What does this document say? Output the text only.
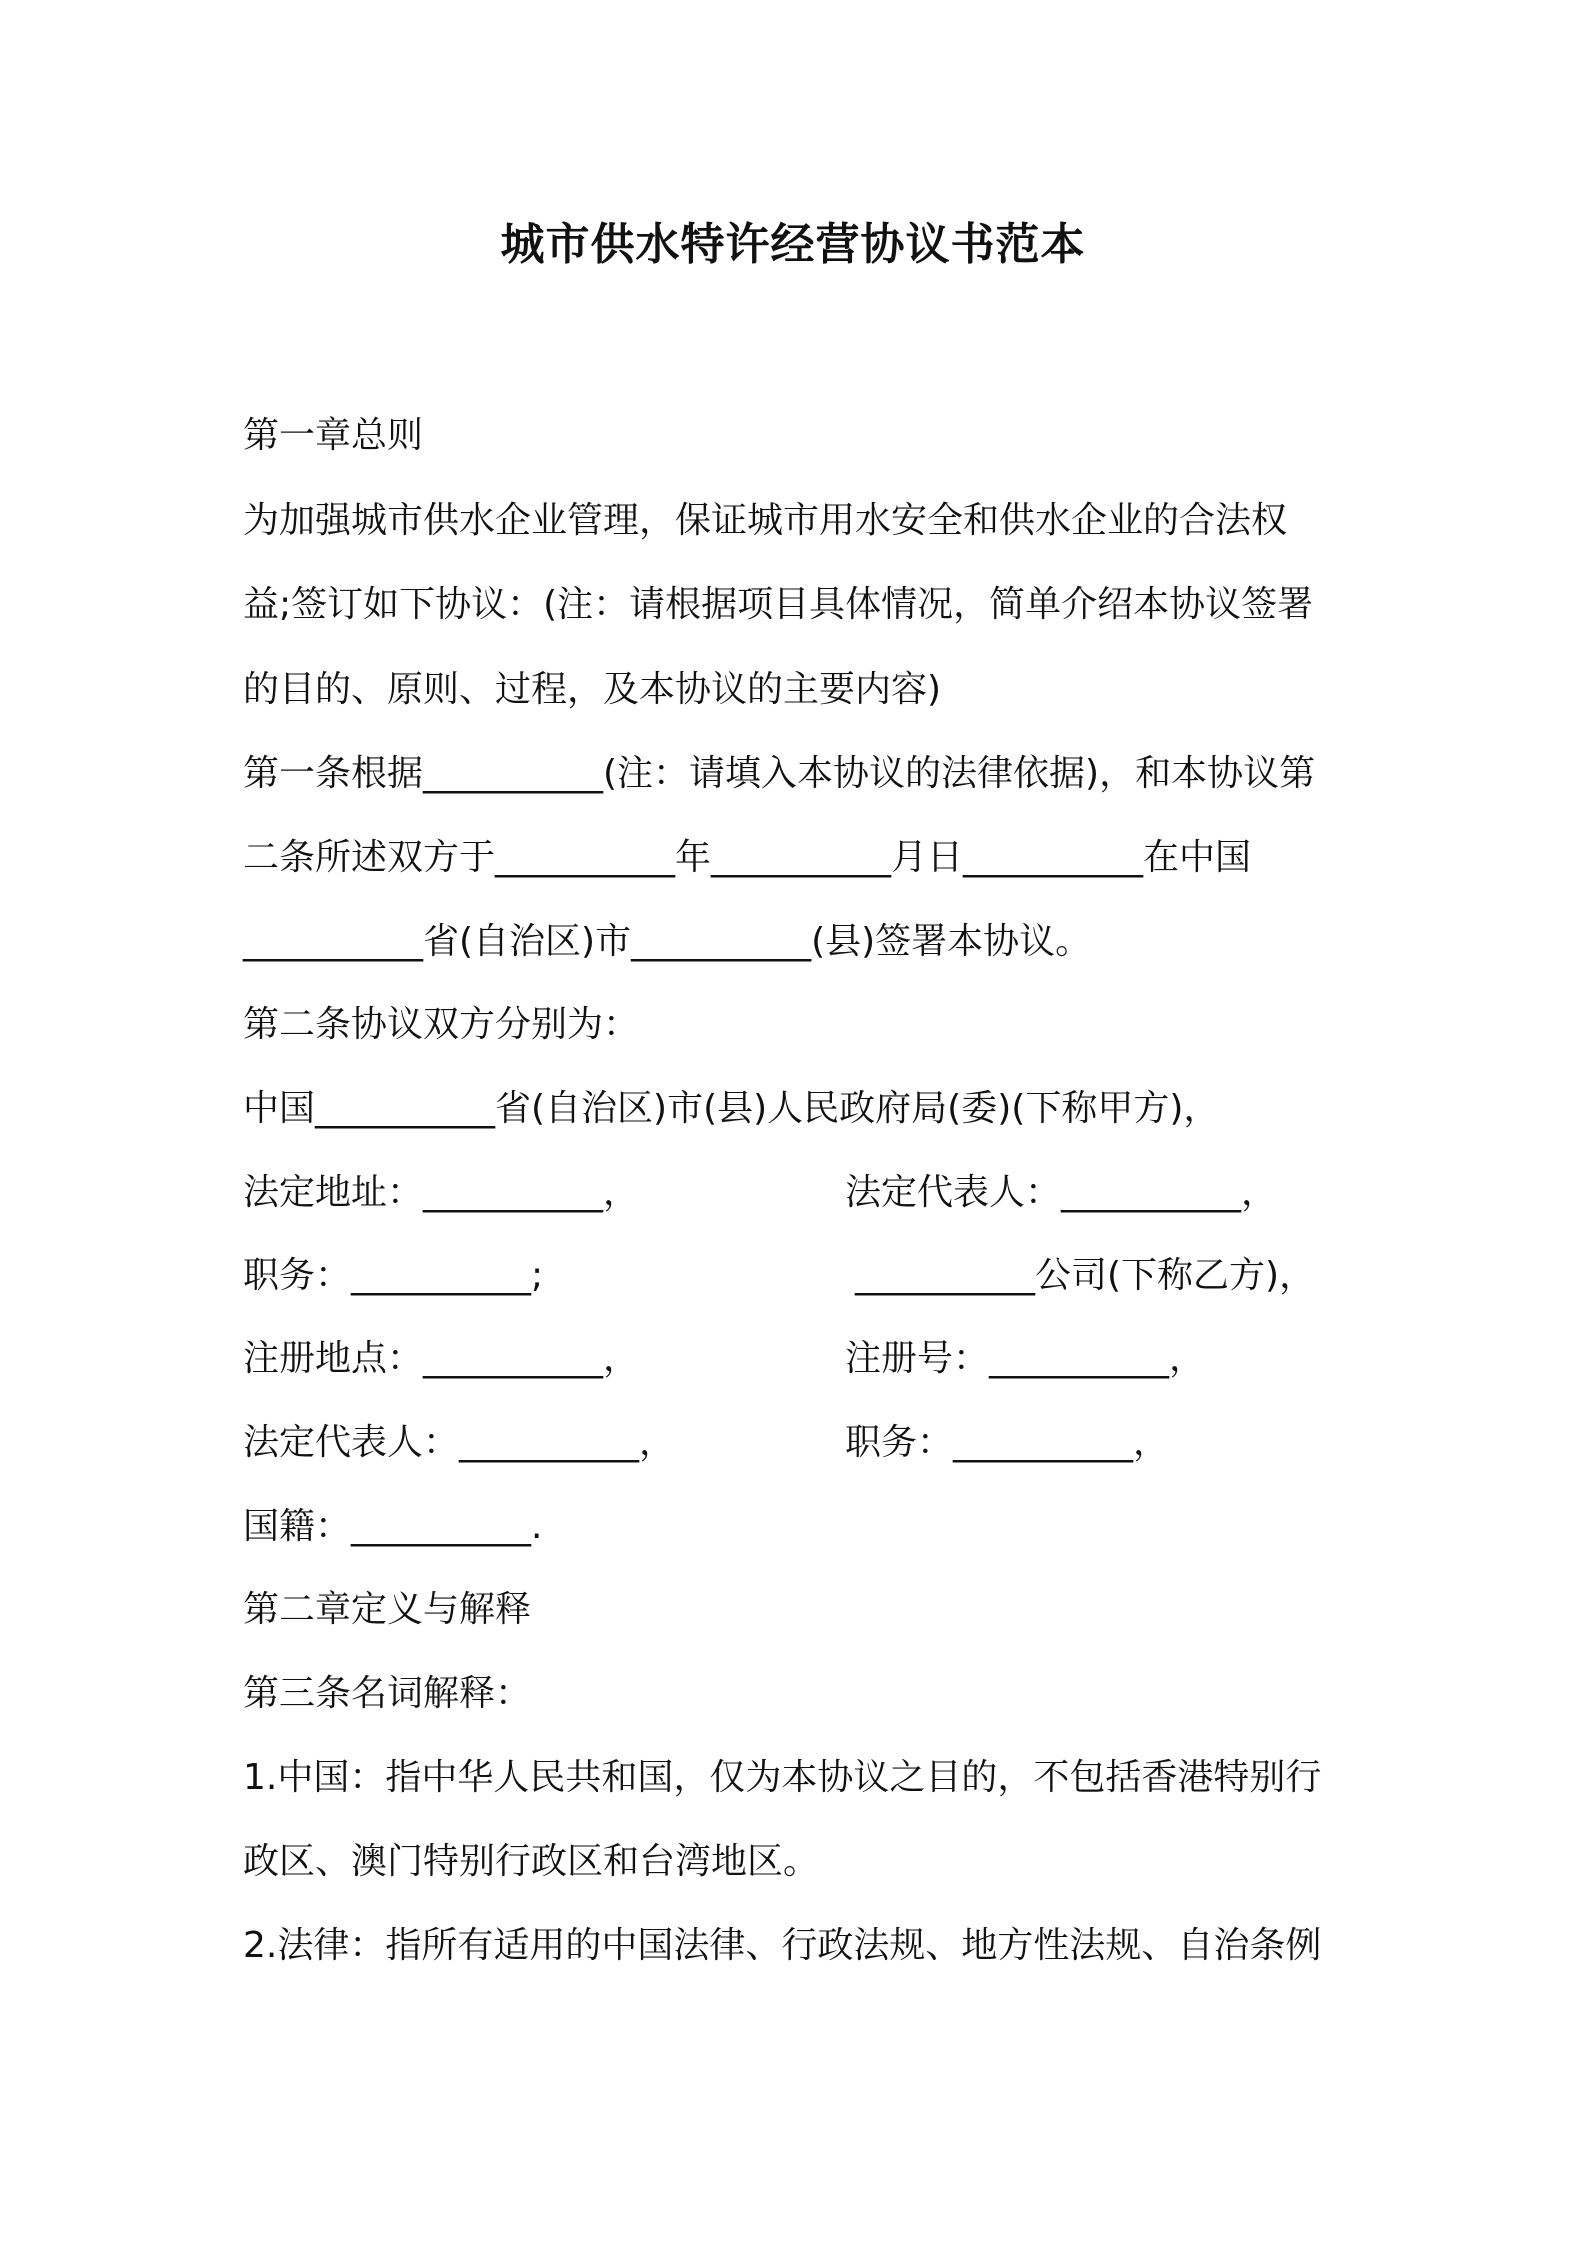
城市供水特许经营协议书范本
第一章总则
为加强城市供水企业管理，保证城市用水安全和供水企业的合法权
益;签订如下协议：(注：请根据项目具体情况，简单介绍本协议签署
的目的、原则、过程，及本协议的主要内容)
第一条根据__________(注：请填入本协议的法律依据)，和本协议第
二条所述双方于__________年__________月日__________在中国
__________省(自治区)市__________(县)签署本协议。
第二条协议双方分别为：
中国__________省(自治区)市(县)人民政府局(委)(下称甲方)，
法定地址：__________，	法定代表人：__________，
职务：__________;	__________公司(下称乙方)，
注册地点：__________，	注册号：__________，
法定代表人：__________，	职务：__________，
国籍：__________.
第二章定义与解释
第三条名词解释：
1.中国：指中华人民共和国，仅为本协议之目的，不包括香港特别行
政区、澳门特别行政区和台湾地区。
2.法律：指所有适用的中国法律、行政法规、地方性法规、自治条例
